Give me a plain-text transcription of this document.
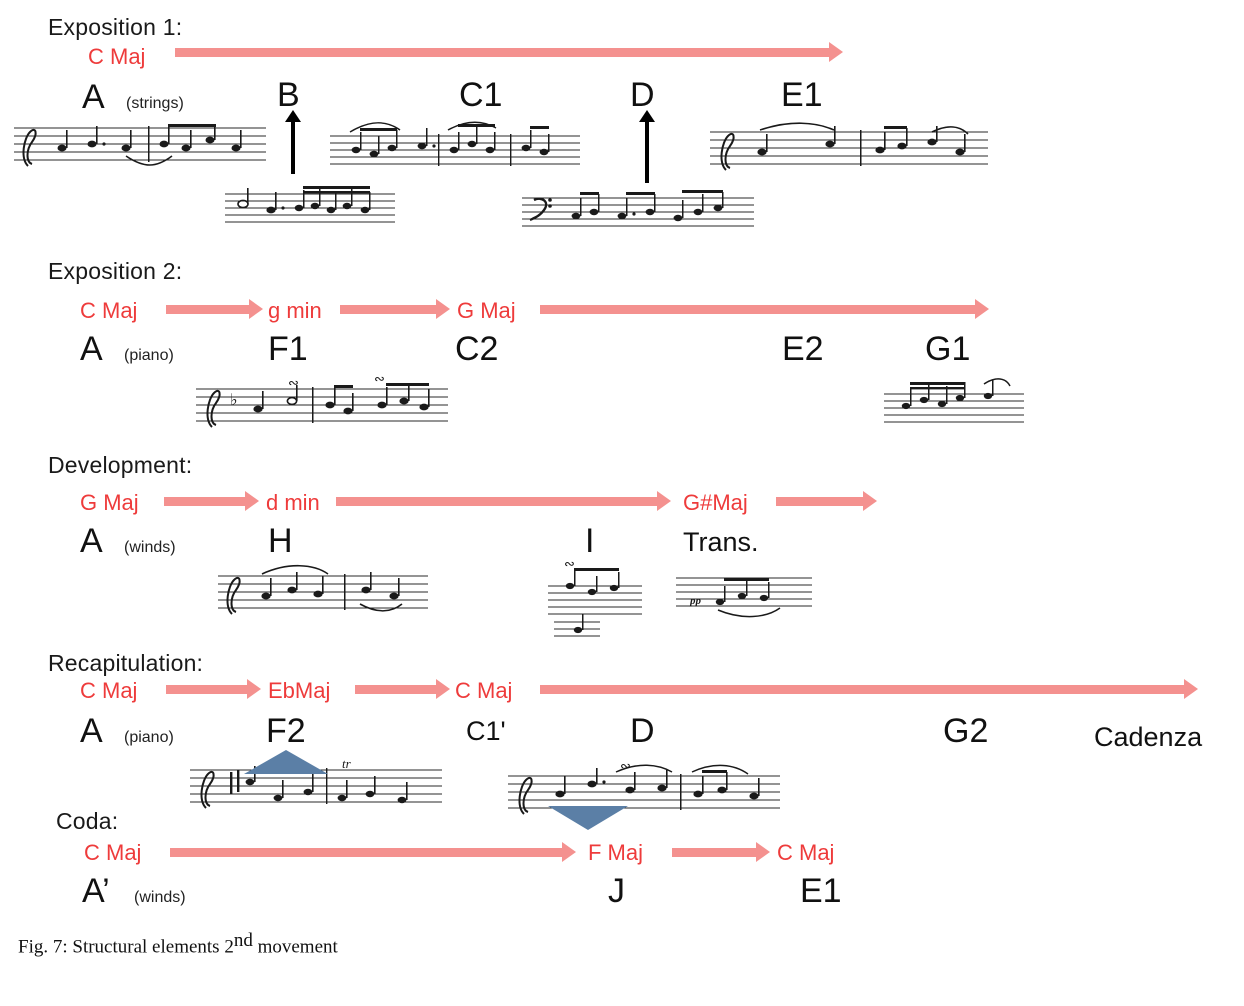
Exposition 1:
C Maj
A (strings)	B	C1	D	E1
Exposition 2:
C Maj	g min	G Maj
A (piano)	F1	C2	E2	G1
♭
∾	∾
Development:
G Maj	d min	G#Maj
A (winds)	H	I	Trans.
∾
pp
Recapitulation:
C Maj	EbMaj	C Maj
A (piano)	F2	C1'	D	G2	Cadenza
tr	∾
Coda:
C Maj	F Maj	C Maj
A’ (winds)	J	E1
Fig. 7: Structural elements 2nd movement
